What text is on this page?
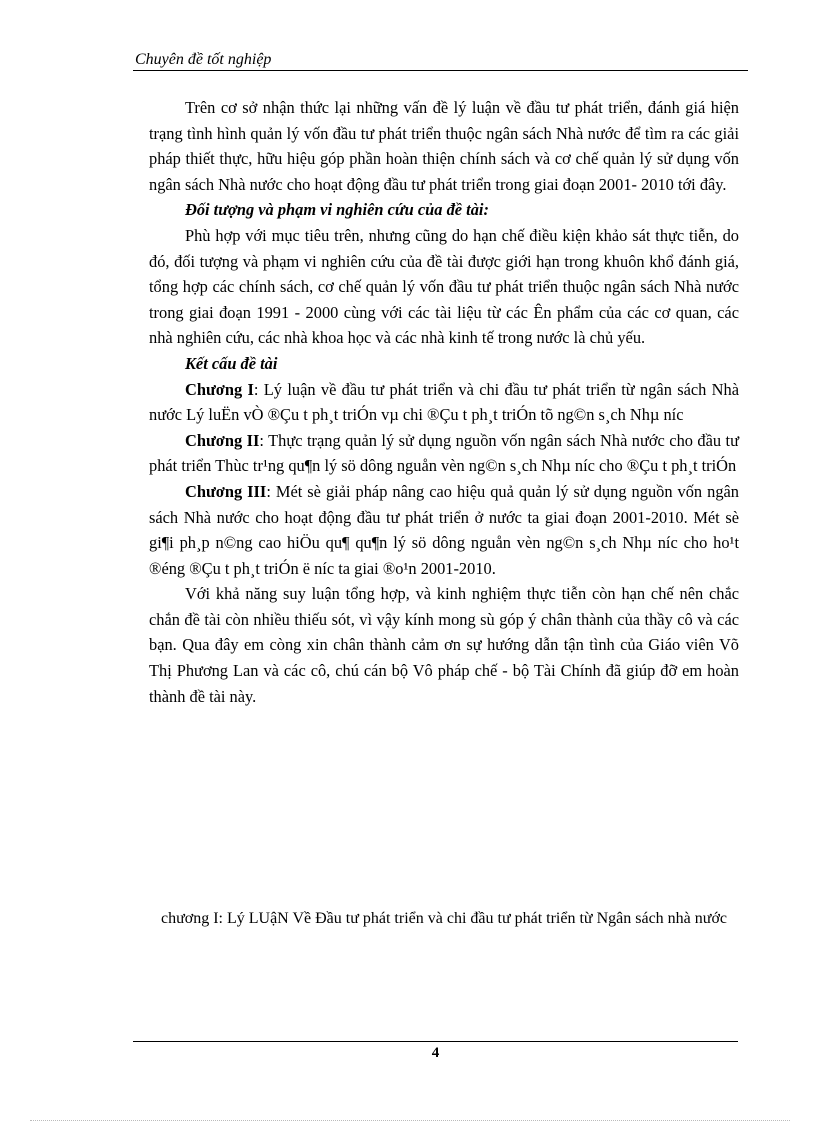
Chuyên đề tốt nghiệp

Trên cơ sở nhận thức lại những vấn đề lý luận về đầu tư phát triển, đánh giá hiện trạng tình hình quản lý vốn đầu tư phát triển thuộc ngân sách Nhà nước để tìm ra các giải pháp thiết thực, hữu hiệu góp phần hoàn thiện chính sách và cơ chế quản lý sử dụng vốn ngân sách Nhà nước cho hoạt động đầu tư phát triển trong giai đoạn 2001- 2010 tới đây.

Đối tượng và phạm vi nghiên cứu của đề tài:

Phù hợp với mục tiêu trên, nhưng cũng do hạn chế điều kiện khảo sát thực tiễn, do đó, đối tượng và phạm vi nghiên cứu của đề tài được giới hạn trong khuôn khổ đánh giá, tổng hợp các chính sách, cơ chế quản lý vốn đầu tư phát triển thuộc ngân sách Nhà nước trong giai đoạn 1991 - 2000 cùng với các tài liệu từ các Ên phẩm của các cơ quan, các nhà nghiên cứu, các nhà khoa học và các nhà kinh tế trong nước là chủ yếu.

Kết cấu đề tài

Chương I: Lý luận về đầu tư phát triển và chi đầu tư phát triển từ ngân sách Nhà nước Lý luËn vÒ ®Çu t ph¸t triÓn vµ chi ®Çu t ph¸t triÓn tõ ng©n s¸ch Nhµ níc

Chương II: Thực trạng quản lý sử dụng nguồn vốn ngân sách Nhà nước cho đầu tư phát triển Thùc tr¹ng qu¶n lý sö dông nguån vèn ng©n s¸ch Nhµ níc cho ®Çu t ph¸t triÓn

Chương III: Mét sè giải pháp nâng cao hiệu quả quản lý sử dụng nguồn vốn ngân sách Nhà nước cho hoạt động đầu tư phát triển ở nước ta giai đoạn 2001-2010. Mét sè gi¶i ph¸p n©ng cao hiÖu qu¶ qu¶n lý sö dông nguån vèn ng©n s¸ch Nhµ níc cho ho¹t ®éng ®Çu t ph¸t triÓn ë níc ta giai ®o¹n 2001-2010.

Với khả năng suy luận tổng hợp, và kinh nghiệm thực tiễn còn hạn chế nên chắc chắn đề tài còn nhiều thiếu sót, vì vậy kính mong sù góp ý chân thành của thầy cô và các bạn. Qua đây em còng xin chân thành cảm ơn sự hướng dẫn tận tình của Giáo viên Võ Thị Phương Lan và các cô, chú cán bộ Vô pháp chế - bộ Tài Chính đã giúp đỡ em hoàn thành đề tài này.

chương I: Lý LUậN Về Đầu tư phát triển và chi đầu tư phát triển từ Ngân sách nhà nước
4
